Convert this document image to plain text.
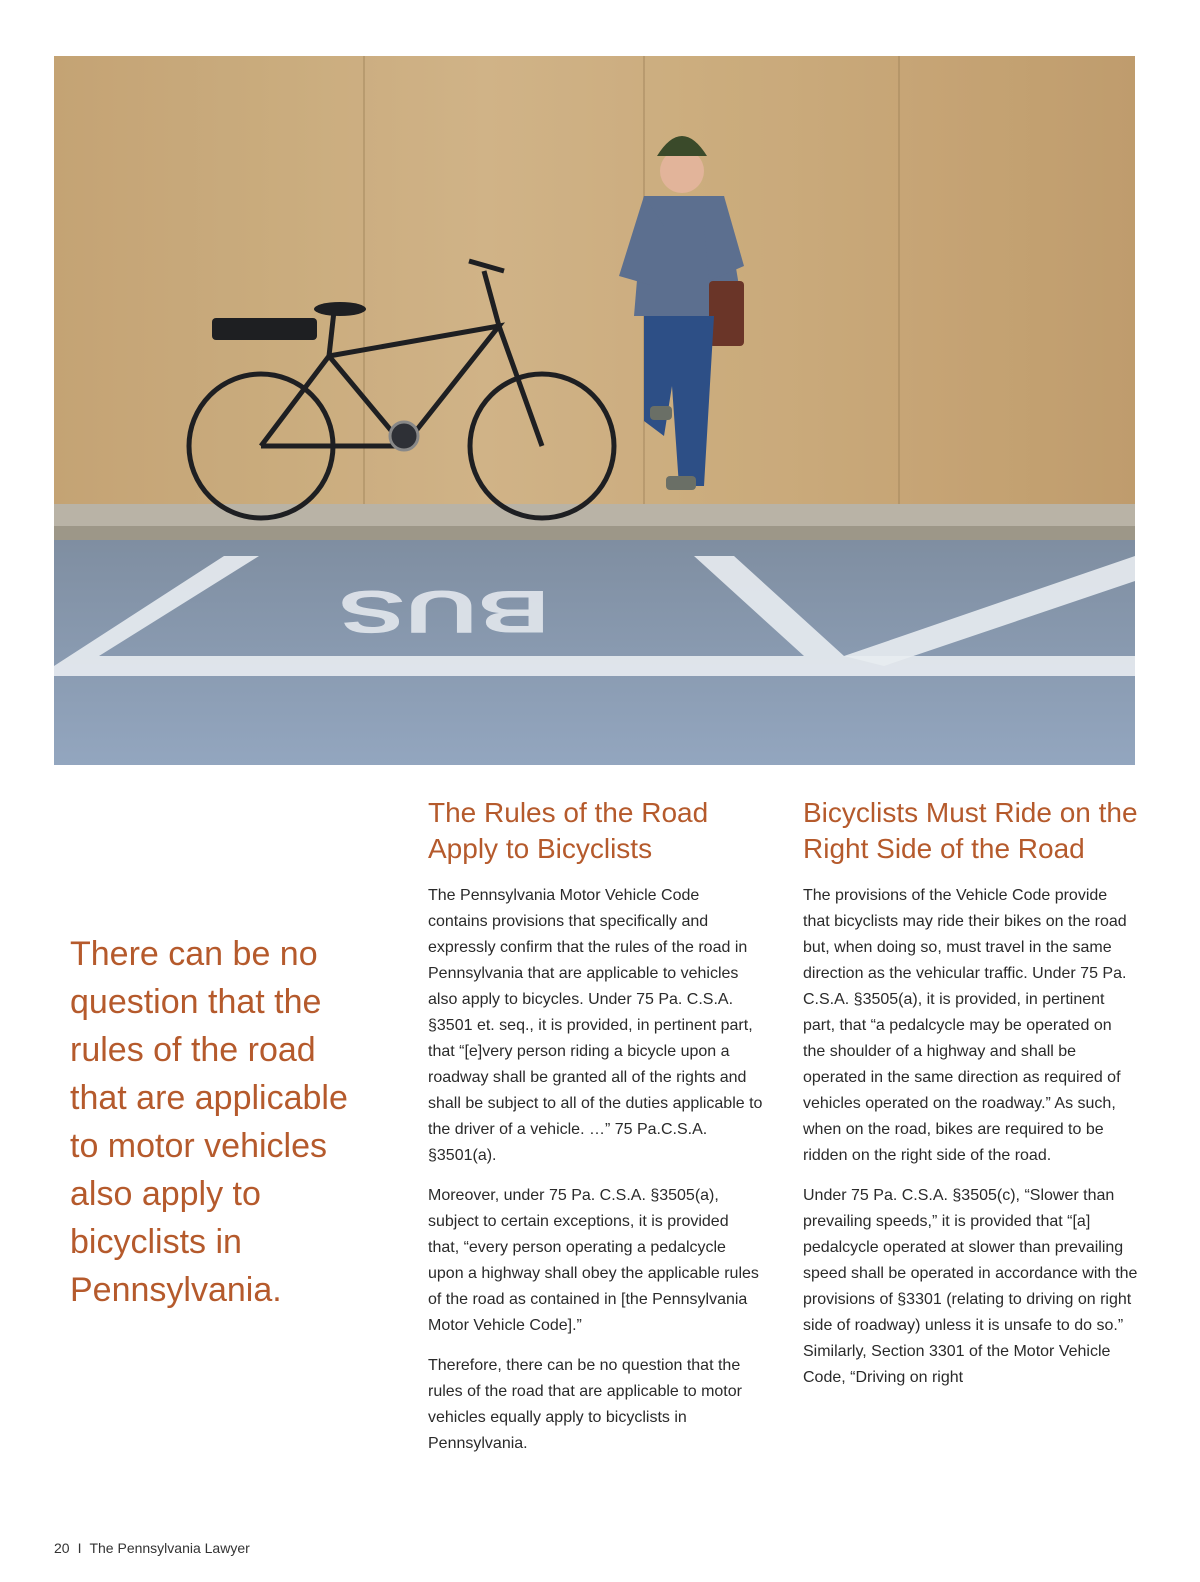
BUS

There can be no question that the rules of the road that are applicable to motor vehicles also apply to bicyclists in Pennsylvania.

The Rules of the Road Apply to Bicyclists

The Pennsylvania Motor Vehicle Code contains provisions that specifically and expressly confirm that the rules of the road in Pennsylvania that are applicable to vehicles also apply to bicycles. Under 75 Pa. C.S.A. §3501 et. seq., it is provided, in pertinent part, that “[e]very person riding a bicycle upon a roadway shall be granted all of the rights and shall be subject to all of the duties applicable to the driver of a vehicle. …” 75 Pa.C.S.A. §3501(a).

Moreover, under 75 Pa. C.S.A. §3505(a), subject to certain exceptions, it is provided that, “every person operating a pedalcycle upon a highway shall obey the applicable rules of the road as contained in [the Pennsylvania Motor Vehicle Code].”

Therefore, there can be no question that the rules of the road that are applicable to motor vehicles equally apply to bicyclists in Pennsylvania.

Bicyclists Must Ride on the Right Side of the Road

The provisions of the Vehicle Code provide that bicyclists may ride their bikes on the road but, when doing so, must travel in the same direction as the vehicular traffic. Under 75 Pa. C.S.A. §3505(a), it is provided, in pertinent part, that “a pedalcycle may be operated on the shoulder of a highway and shall be operated in the same direction as required of vehicles operated on the roadway.” As such, when on the road, bikes are required to be ridden on the right side of the road.

Under 75 Pa. C.S.A. §3505(c), “Slower than prevailing speeds,” it is provided that “[a] pedalcycle operated at slower than prevailing speed shall be operated in accordance with the provisions of §3301 (relating to driving on right side of roadway) unless it is unsafe to do so.” Similarly, Section 3301 of the Motor Vehicle Code, “Driving on right

20 I The Pennsylvania Lawyer
